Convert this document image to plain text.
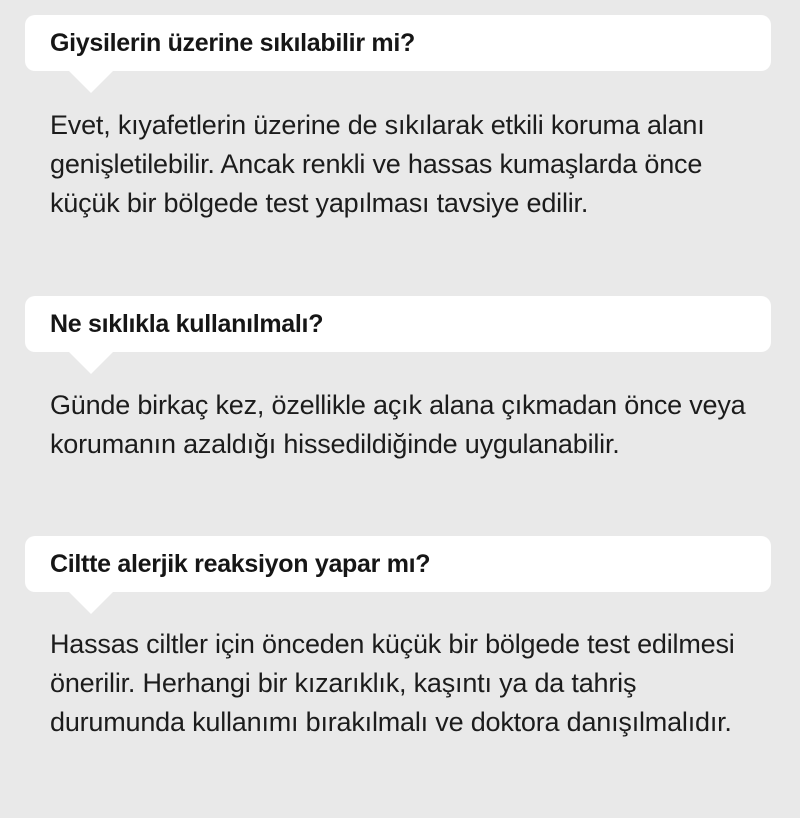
Giysilerin üzerine sıkılabilir mi?
Evet, kıyafetlerin üzerine de sıkılarak etkili koruma alanı genişletilebilir. Ancak renkli ve hassas kumaşlarda önce küçük bir bölgede test yapılması tavsiye edilir.
Ne sıklıkla kullanılmalı?
Günde birkaç kez, özellikle açık alana çıkmadan önce veya korumanın azaldığı hissedildiğinde uygulanabilir.
Ciltte alerjik reaksiyon yapar mı?
Hassas ciltler için önceden küçük bir bölgede test edilmesi önerilir. Herhangi bir kızarıklık, kaşıntı ya da tahriş durumunda kullanımı bırakılmalı ve doktora danışılmalıdır.
